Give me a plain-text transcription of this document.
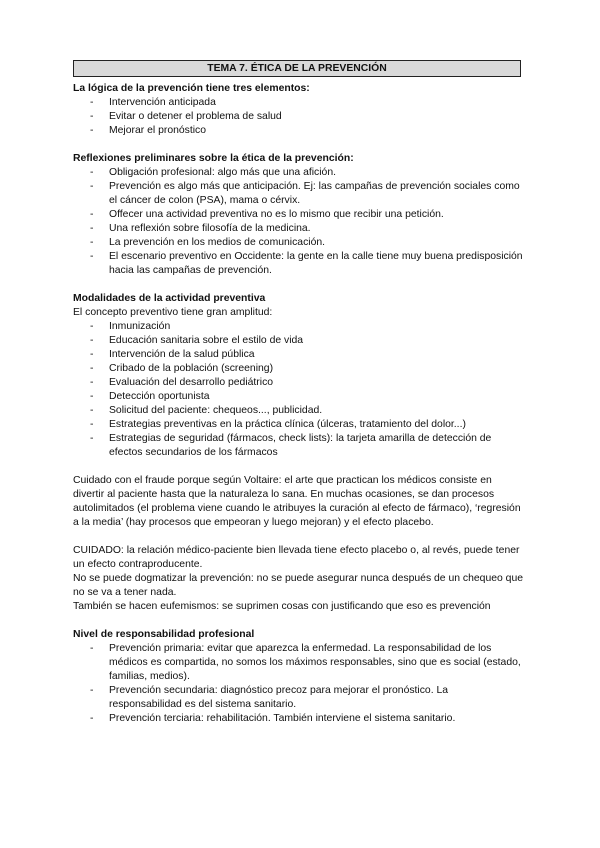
TEMA 7. ÉTICA DE LA PREVENCIÓN

La lógica de la prevención tiene tres elementos:

- Intervención anticipada
- Evitar o detener el problema de salud
- Mejorar el pronóstico

Reflexiones preliminares sobre la ética de la prevención:

- Obligación profesional: algo más que una afición.
- Prevención es algo más que anticipación. Ej: las campañas de prevención sociales como el cáncer de colon (PSA), mama o cérvix.
- Offecer una actividad preventiva no es lo mismo que recibir una petición.
- Una reflexión sobre filosofía de la medicina.
- La prevención en los medios de comunicación.
- El escenario preventivo en Occidente: la gente en la calle tiene muy buena predisposición hacia las campañas de prevención.

Modalidades de la actividad preventiva

El concepto preventivo tiene gran amplitud:

- Inmunización
- Educación sanitaria sobre el estilo de vida
- Intervención de la salud pública
- Cribado de la población (screening)
- Evaluación del desarrollo pediátrico
- Detección oportunista
- Solicitud del paciente: chequeos..., publicidad.
- Estrategias preventivas en la práctica clínica (úlceras, tratamiento del dolor...)
- Estrategias de seguridad (fármacos, check lists): la tarjeta amarilla de detección de efectos secundarios de los fármacos

Cuidado con el fraude porque según Voltaire: el arte que practican los médicos consiste en divertir al paciente hasta que la naturaleza lo sana. En muchas ocasiones, se dan procesos autolimitados (el problema viene cuando le atribuyes la curación al efecto de fármaco), ‘regresión a la media’ (hay procesos que empeoran y luego mejoran) y el efecto placebo.

CUIDADO: la relación médico-paciente bien llevada tiene efecto placebo o, al revés, puede tener un efecto contraproducente.

No se puede dogmatizar la prevención: no se puede asegurar nunca después de un chequeo que no se va a tener nada.

También se hacen eufemismos: se suprimen cosas con justificando que eso es prevención

Nivel de responsabilidad profesional

- Prevención primaria: evitar que aparezca la enfermedad. La responsabilidad de los médicos es compartida, no somos los máximos responsables, sino que es social (estado, familias, medios).
- Prevención secundaria: diagnóstico precoz para mejorar el pronóstico. La responsabilidad es del sistema sanitario.
- Prevención terciaria: rehabilitación. También interviene el sistema sanitario.
